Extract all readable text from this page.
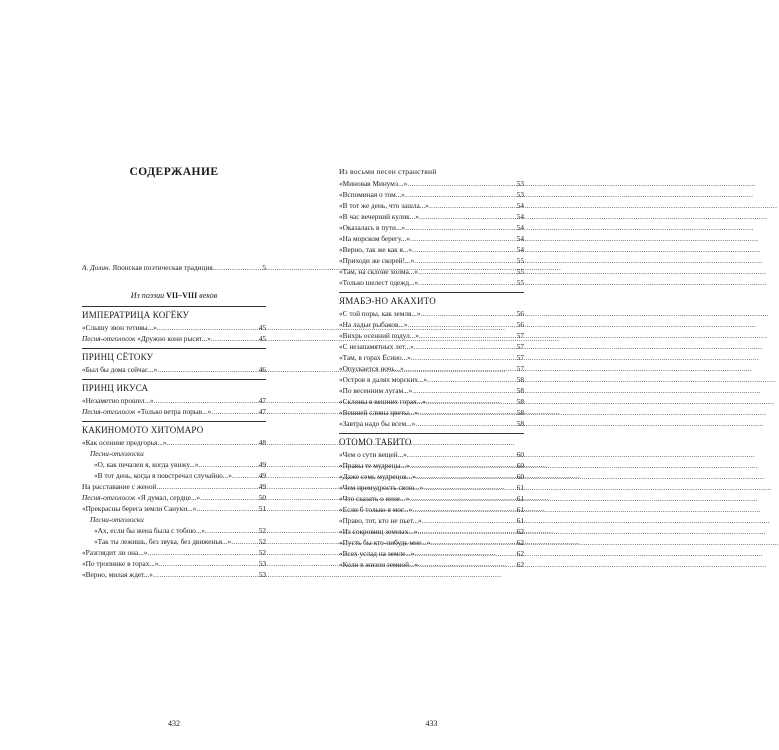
СОДЕРЖАНИЕ
А. Долин. Японская поэтическая традиция .....	5
Из поэзии VII–VIII веков
ИМПЕРАТРИЦА КОГЁКУ
«Слышу звон тетивы...» .....	45
Песня-отголосок «Дружно кони рысят...» .....	45
ПРИНЦ СЁТОКУ
«Был бы дома сейчас...» .....	46
ПРИНЦ ИКУСА
«Незаметно прошел...» .....	47
Песня-отголосок «Только ветра порыв...» .....	47
КАКИНОМОТО ХИТОМАРО
«Как осенние предгорья...» .....	48
Песни-отголоски
«О, как печален я, когда увижу...» .....	49
«В тот день, когда я повстречал случайно...» .....	49
На расставание с женой .....	49
Песня-отголосок «Я думал, сердце...» .....	50
«Прекрасны берега земли Сануки...» .....	51
Песни-отголоски
«Ах, если бы жена была с тобою...» .....	52
«Так ты лежишь, без звука, без движенья...» .....	52
«Разглядит ли она...» .....	52
«По тропинке в горах...» .....	53
«Верно, милая ждет...» .....	53
432
Из восьми песен странствий
«Миновав Минумэ...» .....	53
«Вспоминая о том...» .....	53
«В тот же день, что зашла...» .....	54
«В час вечерний кулик...» .....	54
«Оказалась в пути...» .....	54
«На морском берегу...» .....	54
«Верно, так же как я...» .....	54
«Приходи же скорей!...» .....	55
«Там, на склоне холма...» .....	55
«Только шелест одежд...» .....	55
ЯМАБЭ-НО АКАХИТО
«С той поры, как земля...» .....	56
«На ладьи рыбаков...» .....	56
«Вихрь осенний подул...» .....	57
«С незапамятных лет...» .....	57
«Там, в горах Ёсино...» .....	57
«Опускается ночь...» .....	57
«Остров в далях морских...» .....	58
«По весенним лугам...» .....	58
«Склоны в вешних горах...» .....	58
«Вешней сливы цветы...» .....	58
«Завтра надо бы всем...» .....	58
ОТОМО ТАБИТО
«Чем о сути вещей...» .....	60
«Правы те мудрецы...» .....	60
«Даже семь мудрецов...» .....	60
«Чем премудрость свою...» .....	61
«Что сказать о вине...» .....	61
«Если б только я мог...» .....	61
«Право, тот, кто не пьет...» .....	61
«Из сокровищ земных...» .....	62
«Пусть бы кто-нибудь мне...» .....	62
«Всех услад на земле...» .....	62
«Коли в жизни земной...» .....	62
433
